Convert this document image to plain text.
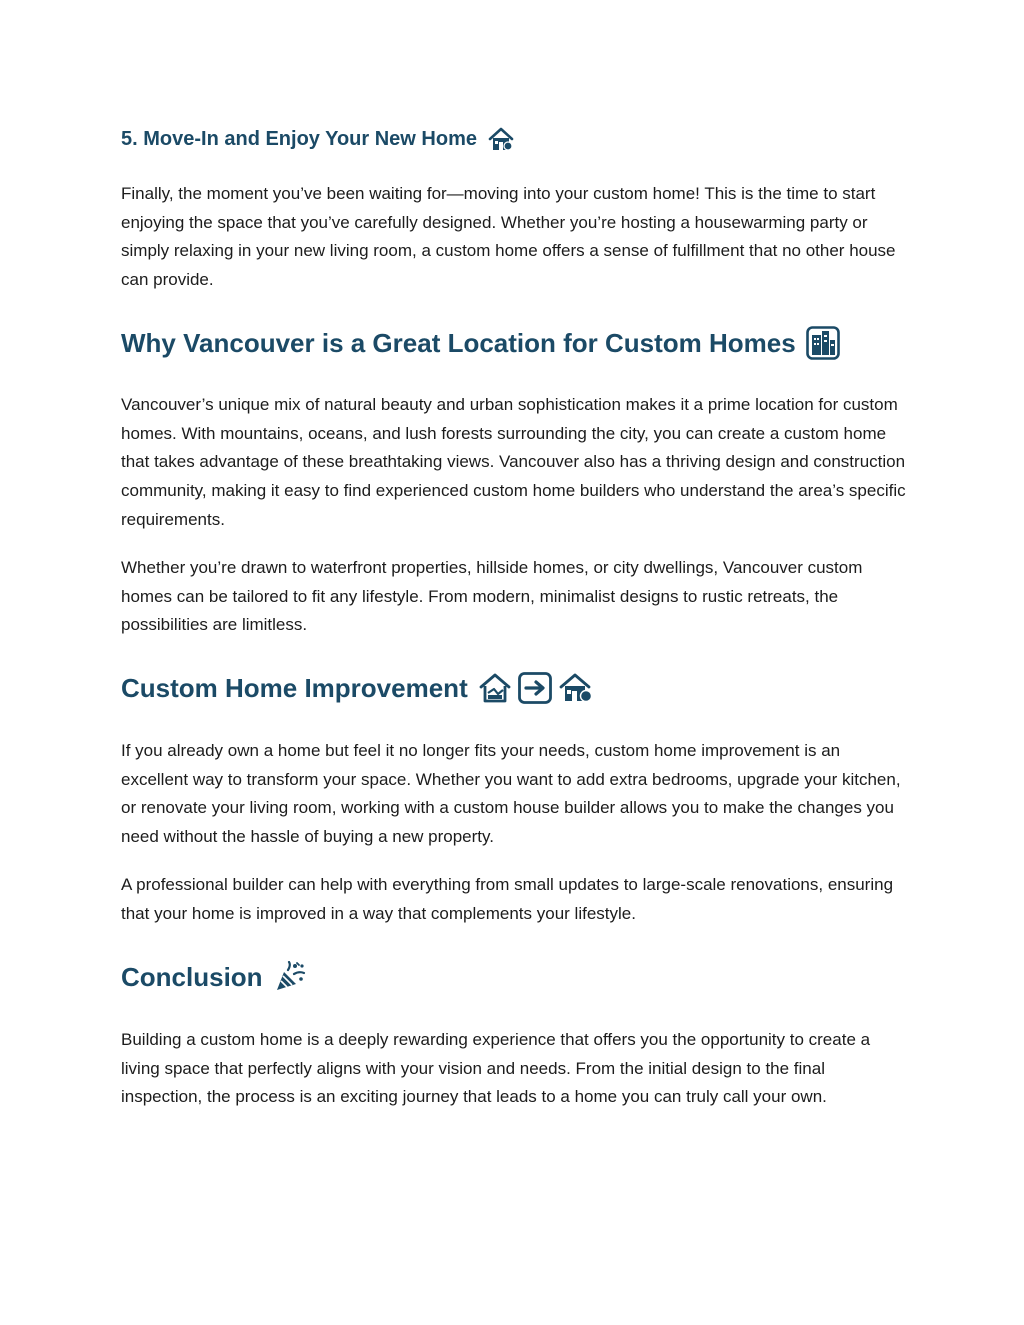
5. Move-In and Enjoy Your New Home

Finally, the moment you’ve been waiting for—moving into your custom home! This is the time to start enjoying the space that you’ve carefully designed. Whether you’re hosting a housewarming party or simply relaxing in your new living room, a custom home offers a sense of fulfillment that no other house can provide.

Why Vancouver is a Great Location for Custom Homes

Vancouver’s unique mix of natural beauty and urban sophistication makes it a prime location for custom homes. With mountains, oceans, and lush forests surrounding the city, you can create a custom home that takes advantage of these breathtaking views. Vancouver also has a thriving design and construction community, making it easy to find experienced custom home builders who understand the area’s specific requirements.

Whether you’re drawn to waterfront properties, hillside homes, or city dwellings, Vancouver custom homes can be tailored to fit any lifestyle. From modern, minimalist designs to rustic retreats, the possibilities are limitless.

Custom Home Improvement

If you already own a home but feel it no longer fits your needs, custom home improvement is an excellent way to transform your space. Whether you want to add extra bedrooms, upgrade your kitchen, or renovate your living room, working with a custom house builder allows you to make the changes you need without the hassle of buying a new property.

A professional builder can help with everything from small updates to large-scale renovations, ensuring that your home is improved in a way that complements your lifestyle.

Conclusion

Building a custom home is a deeply rewarding experience that offers you the opportunity to create a living space that perfectly aligns with your vision and needs. From the initial design to the final inspection, the process is an exciting journey that leads to a home you can truly call your own.
